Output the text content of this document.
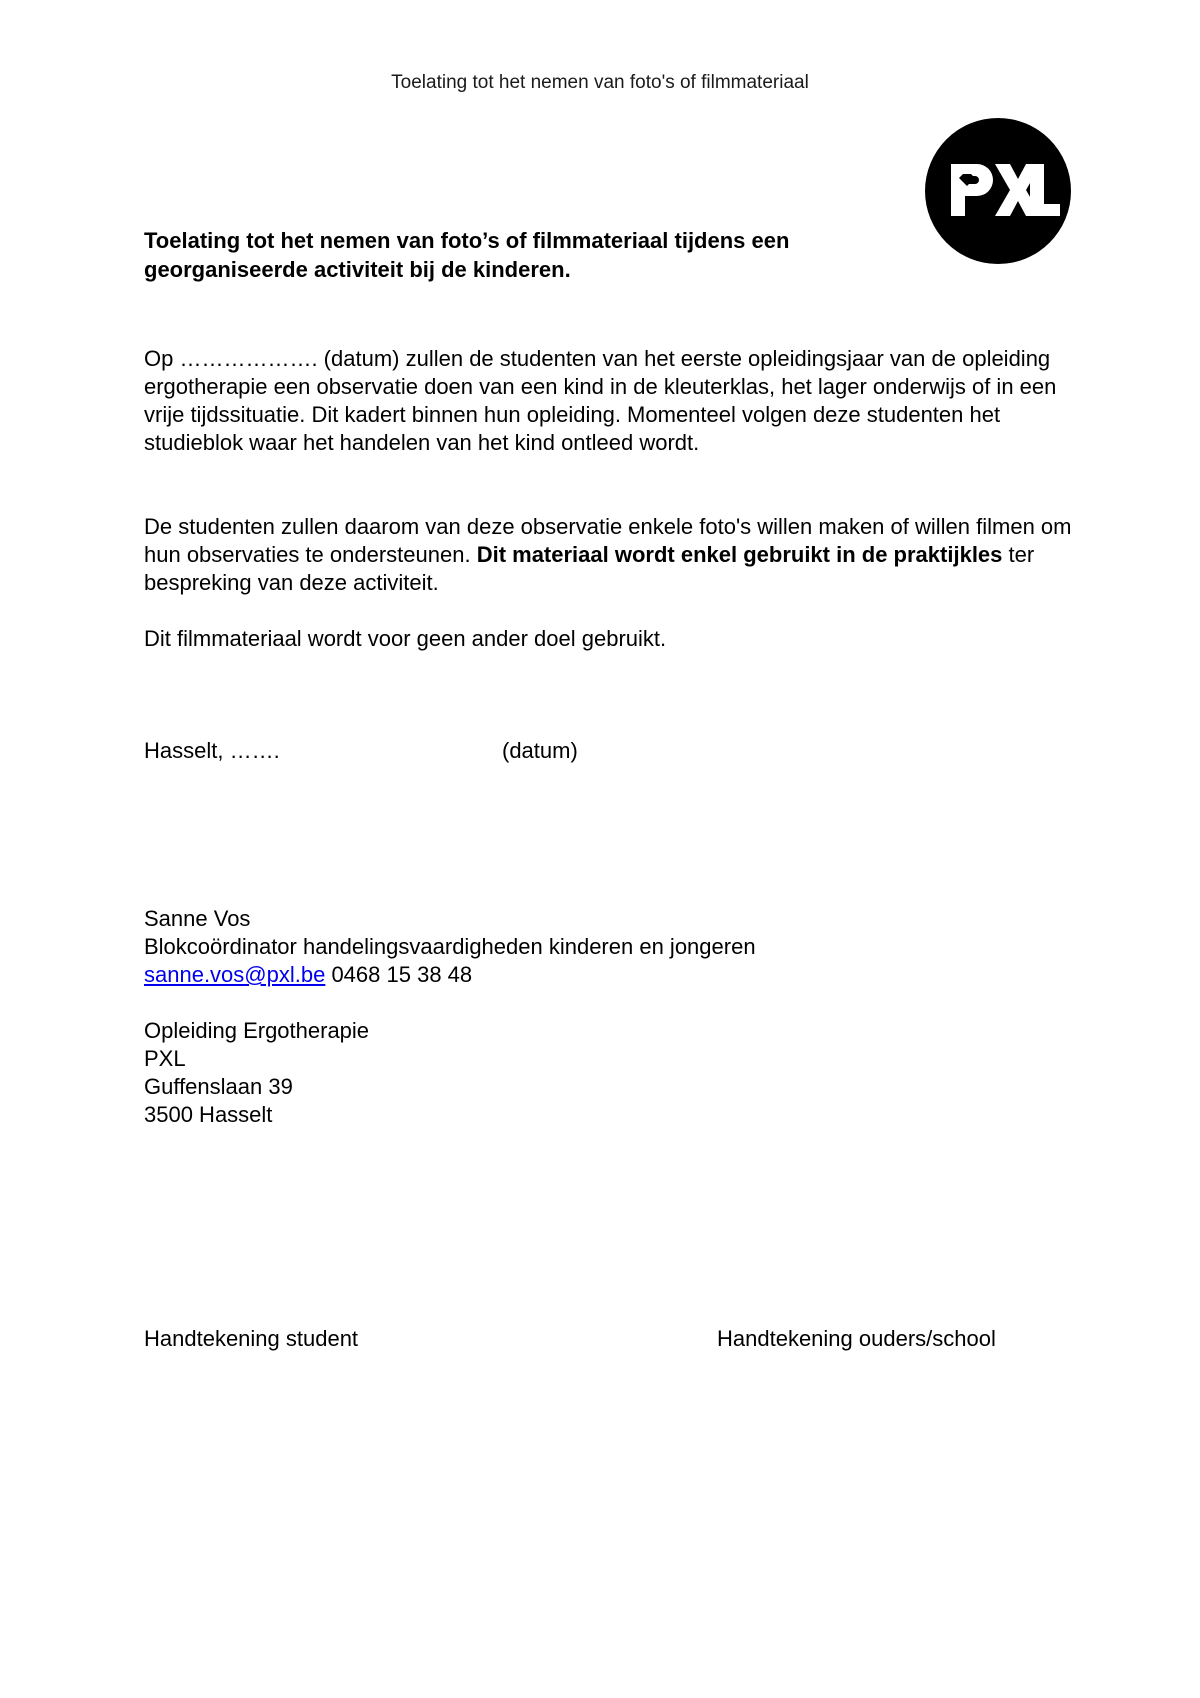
Toelating tot het nemen van foto's of filmmateriaal
Toelating tot het nemen van foto’s of filmmateriaal tijdens een georganiseerde activiteit bij de kinderen.

Op ………………. (datum) zullen de studenten van het eerste opleidingsjaar van de opleiding ergotherapie een observatie doen van een kind in de kleuterklas, het lager onderwijs of in een vrije tijdssituatie. Dit kadert binnen hun opleiding. Momenteel volgen deze studenten het studieblok waar het handelen van het kind ontleed wordt.

De studenten zullen daarom van deze observatie enkele foto's willen maken of willen filmen om hun observaties te ondersteunen. Dit materiaal wordt enkel gebruikt in de praktijkles ter bespreking van deze activiteit.

Dit filmmateriaal wordt voor geen ander doel gebruikt.

Hasselt, …….	(datum)
Sanne Vos
Blokcoördinator handelingsvaardigheden kinderen en jongeren
sanne.vos@pxl.be 0468 15 38 48
Opleiding Ergotherapie
PXL
Guffenslaan 39
3500 Hasselt
Handtekening student	Handtekening ouders/school
